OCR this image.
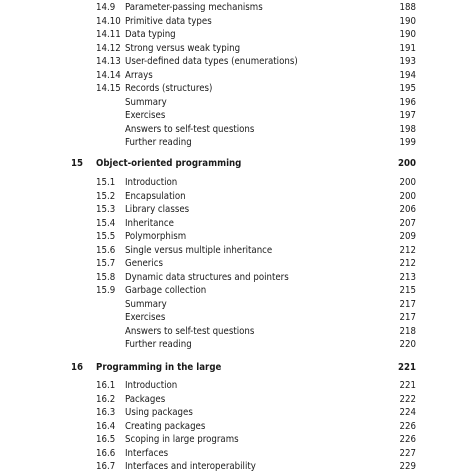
14.9 Parameter-passing mechanisms	188
14.10 Primitive data types	190
14.11 Data typing	190
14.12 Strong versus weak typing	191
14.13 User-defined data types (enumerations)	193
14.14 Arrays	194
14.15 Records (structures)	195
Summary	196
Exercises	197
Answers to self-test questions	198
Further reading	199
15 Object-oriented programming	200
15.1 Introduction	200
15.2 Encapsulation	200
15.3 Library classes	206
15.4 Inheritance	207
15.5 Polymorphism	209
15.6 Single versus multiple inheritance	212
15.7 Generics	212
15.8 Dynamic data structures and pointers	213
15.9 Garbage collection	215
Summary	217
Exercises	217
Answers to self-test questions	218
Further reading	220
16 Programming in the large	221
16.1 Introduction	221
16.2 Packages	222
16.3 Using packages	224
16.4 Creating packages	226
16.5 Scoping in large programs	226
16.6 Interfaces	227
16.7 Interfaces and interoperability	229
